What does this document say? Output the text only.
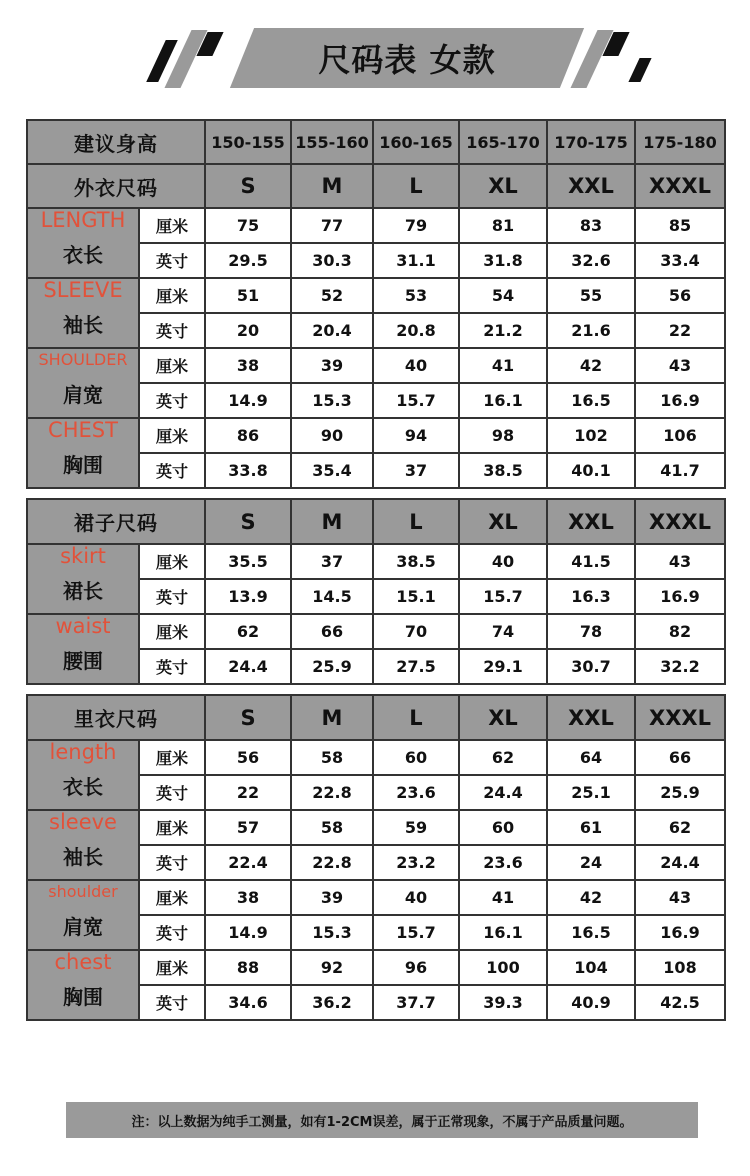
尺码表 女款
建议身高		150-155	155-160	160-165	165-170	170-175	175-180
外衣尺码		S	M	L	XL	XXL	XXXL

LENGTH
衣长	厘米	75	77	79	81	83	85
	英寸	29.5	30.3	31.1	31.8	32.6	33.4

SLEEVE
袖长	厘米	51	52	53	54	55	56
	英寸	20	20.4	20.8	21.2	21.6	22

SHOULDER
肩宽	厘米	38	39	40	41	42	43
	英寸	14.9	15.3	15.7	16.1	16.5	16.9

CHEST
胸围	厘米	86	90	94	98	102	106
	英寸	33.8	35.4	37	38.5	40.1	41.7
裙子尺码		S	M	L	XL	XXL	XXXL

skirt
裙长	厘米	35.5	37	38.5	40	41.5	43
	英寸	13.9	14.5	15.1	15.7	16.3	16.9

waist
腰围	厘米	62	66	70	74	78	82
	英寸	24.4	25.9	27.5	29.1	30.7	32.2
里衣尺码		S	M	L	XL	XXL	XXXL

length
衣长	厘米	56	58	60	62	64	66
	英寸	22	22.8	23.6	24.4	25.1	25.9

sleeve
袖长	厘米	57	58	59	60	61	62
	英寸	22.4	22.8	23.2	23.6	24	24.4

shoulder
肩宽	厘米	38	39	40	41	42	43
	英寸	14.9	15.3	15.7	16.1	16.5	16.9

chest
胸围	厘米	88	92	96	100	104	108
	英寸	34.6	36.2	37.7	39.3	40.9	42.5
注：以上数据为纯手工测量，如有1-2CM误差，属于正常现象，不属于产品质量问题。
